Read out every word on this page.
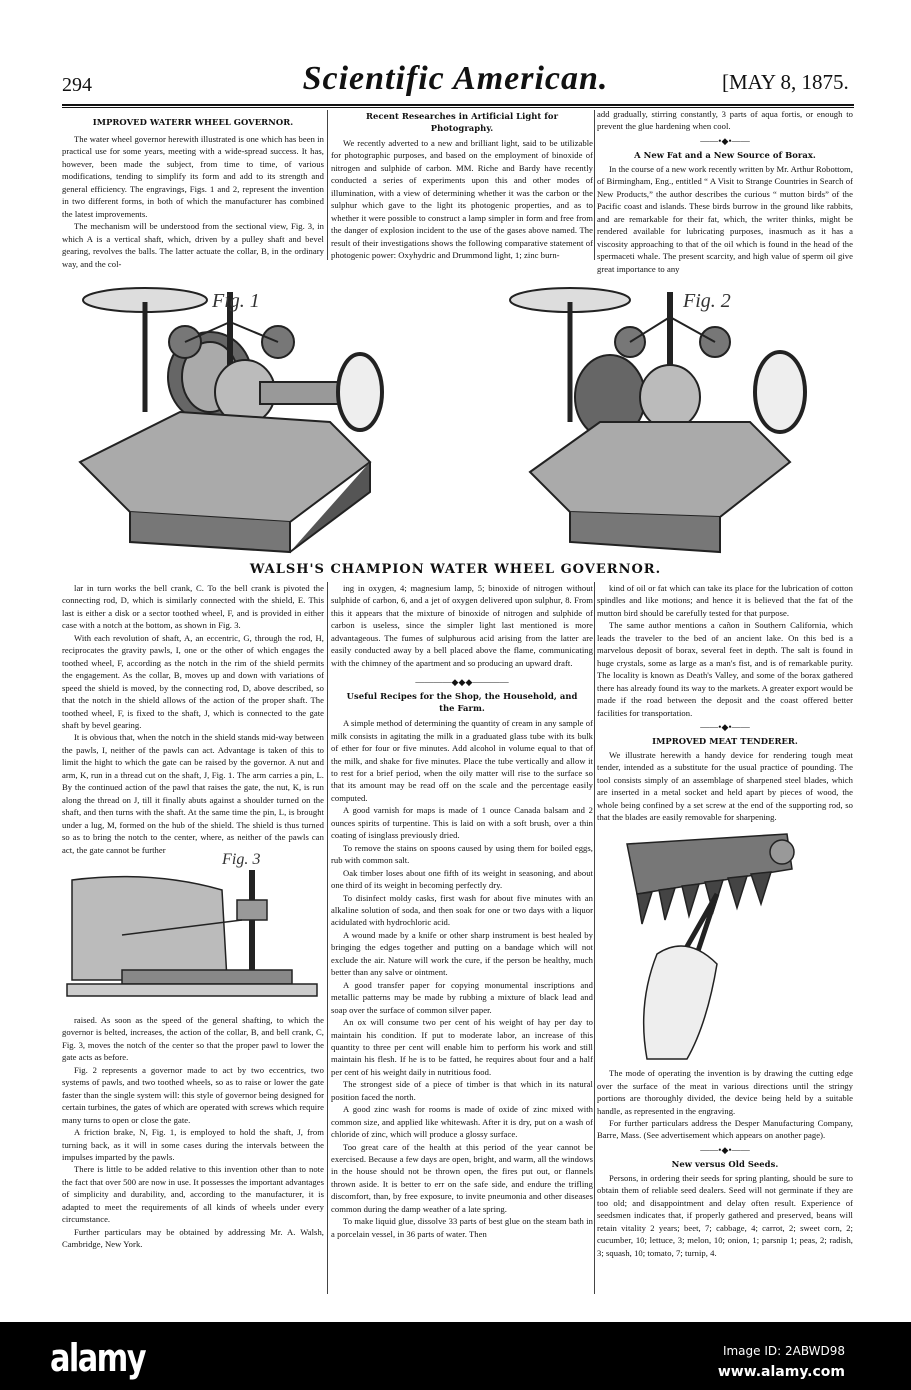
294	Scientific American.	[MAY 8, 1875.
IMPROVED WATERR WHEEL GOVERNOR.

The water wheel governor herewith illustrated is one which has been in practical use for some years, meeting with a wide-spread success. It has, however, been made the subject, from time to time, of various modifications, tending to simplify its form and add to its strength and general efficiency. The engravings, Figs. 1 and 2, represent the invention in two different forms, in both of which the manufacturer has combined the latest improvements.

The mechanism will be understood from the sectional view, Fig. 3, in which A is a vertical shaft, which, driven by a pulley shaft and bevel gearing, revolves the balls. The latter actuate the collar, B, in the ordinary way, and the col-

Recent Researches in Artificial Light for Photography.

We recently adverted to a new and brilliant light, said to be utilizable for photographic purposes, and based on the employment of binoxide of nitrogen and sulphide of carbon. MM. Riche and Bardy have recently conducted a series of experiments upon this and other modes of illumination, with a view of determining whether it was the carbon or the sulphur which gave to the light its photogenic properties, and as to whether it were possible to construct a lamp simpler in form and free from the danger of explosion incident to the use of the gases above named. The result of their investigations shows the following comparative statement of photogenic power: Oxyhydric and Drummond light, 1; zinc burn-

add gradually, stirring constantly, 3 parts of aqua fortis, or enough to prevent the glue hardening when cool.
——•◆•——
A New Fat and a New Source of Borax.

In the course of a new work recently written by Mr. Arthur Robottom, of Birmingham, Eng., entitled “ A Visit to Strange Countries in Search of New Products,” the author describes the curious “ mutton birds” of the Pacific coast and islands. These birds burrow in the ground like rabbits, and are remarkable for their fat, which, the writer thinks, might be rendered available for lubricating purposes, inasmuch as it has a viscosity approaching to that of the oil which is found in the head of the spermaceti whale. The present scarcity, and high value of sperm oil give great importance to any

Fig. 1	Fig. 2
WALSH'S CHAMPION WATER WHEEL GOVERNOR.

lar in turn works the bell crank, C. To the bell crank is pivoted the connecting rod, D, which is similarly connected with the shield, E. This last is either a disk or a sector toothed wheel, F, and is provided in either case with a notch at the bottom, as shown in Fig. 3.

With each revolution of shaft, A, an eccentric, G, through the rod, H, reciprocates the gravity pawls, I, one or the other of which engages the toothed wheel, F, according as the notch in the rim of the shield permits the engagement. As the collar, B, moves up and down with variations of speed the shield is moved, by the connecting rod, D, above described, so that the notch in the shield allows of the action of the proper shaft. The toothed wheel, F, is fixed to the shaft, J, which is connected to the gate shaft by bevel gearing.

It is obvious that, when the notch in the shield stands mid-way between the pawls, I, neither of the pawls can act. Advantage is taken of this to limit the hight to which the gate can be raised by the governor. A nut and arm, K, run in a thread cut on the shaft, J, Fig. 1. The arm carries a pin, L. By the continued action of the pawl that raises the gate, the nut, K, is run along the thread on J, till it finally abuts against a shoulder turned on the shaft, and then turns with the shaft. At the same time the pin, L, is brought under a lug, M, formed on the hub of the shield. The shield is thus turned so as to bring the notch to the center, where, as neither of the pawls can act, the gate cannot be further

Fig. 3

raised. As soon as the speed of the general shafting, to which the governor is belted, increases, the action of the collar, B, and bell crank, C, Fig. 3, moves the notch of the center so that the proper pawl to lower the gate acts as before.

Fig. 2 represents a governor made to act by two eccentrics, two systems of pawls, and two toothed wheels, so as to raise or lower the gate faster than the single system will: this style of governor being designed for certain turbines, the gates of which are operated with screws which require many turns to open or close the gate.

A friction brake, N, Fig. 1, is employed to hold the shaft, J, from turning back, as it will in some cases during the intervals between the impulses imparted by the pawls.

There is little to be added relative to this invention other than to note the fact that over 500 are now in use. It possesses the important advantages of simplicity and durability, and, according to the manufacturer, it is adapted to meet the requirements of all kinds of wheels under every circumstance.

Further particulars may be obtained by addressing Mr. A. Walsh, Cambridge, New York.

ing in oxygen, 4; magnesium lamp, 5; binoxide of nitrogen without sulphide of carbon, 6, and a jet of oxygen delivered upon sulphur, 8. From this it appears that the mixture of binoxide of nitrogen and sulphide of carbon is useless, since the simpler light last mentioned is more advantageous. The fumes of sulphurous acid arising from the latter are easily conducted away by a bell placed above the flame, communicating with the chimney of the apartment and so producing an upward draft.

————◆◆◆————
Useful Recipes for the Shop, the Household, and the Farm.

A simple method of determining the quantity of cream in any sample of milk consists in agitating the milk in a graduated glass tube with its bulk of ether for four or five minutes. Add alcohol in volume equal to that of the milk, and shake for five minutes. Place the tube vertically and allow it to rest for a brief period, when the oily matter will rise to the surface so that its amount may be read off on the scale and the percentage easily computed.

A good varnish for maps is made of 1 ounce Canada balsam and 2 ounces spirits of turpentine. This is laid on with a soft brush, over a thin coating of isinglass previously dried.

To remove the stains on spoons caused by using them for boiled eggs, rub with common salt.

Oak timber loses about one fifth of its weight in seasoning, and about one third of its weight in becoming perfectly dry.

To disinfect moldy casks, first wash for about five minutes with an alkaline solution of soda, and then soak for one or two days with a liquor acidulated with hydrochloric acid.

A wound made by a knife or other sharp instrument is best healed by bringing the edges together and putting on a bandage which will not exclude the air. Nature will work the cure, if the person be healthy, much better than any salve or ointment.

A good transfer paper for copying monumental inscriptions and metallic patterns may be made by rubbing a mixture of black lead and soap over the surface of common silver paper.

An ox will consume two per cent of his weight of hay per day to maintain his condition. If put to moderate labor, an increase of this quantity to three per cent will enable him to perform his work and still maintain his flesh. If he is to be fatted, he requires about four and a half per cent of his weight daily in nutritious food.

The strongest side of a piece of timber is that which in its natural position faced the north.

A good zinc wash for rooms is made of oxide of zinc mixed with common size, and applied like whitewash. After it is dry, put on a wash of chloride of zinc, which will produce a glossy surface.

Too great care of the health at this period of the year cannot be exercised. Because a few days are open, bright, and warm, all the windows in the house should not be thrown open, the fires put out, or flannels thrown aside. It is better to err on the safe side, and endure the trifling discomfort, than, by free exposure, to invite pneumonia and other diseases common during the damp weather of a late spring.

To make liquid glue, dissolve 33 parts of best glue on the steam bath in a porcelain vessel, in 36 parts of water. Then

kind of oil or fat which can take its place for the lubrication of cotton spindles and like motions; and hence it is believed that the fat of the mutton bird should be carefully tested for that purpose.

The same author mentions a cañon in Southern California, which leads the traveler to the bed of an ancient lake. On this bed is a marvelous deposit of borax, several feet in depth. The salt is found in huge crystals, some as large as a man's fist, and is of remarkable purity. The locality is known as Death's Valley, and some of the borax gathered there has already found its way to the markets. A greater export would be made if the road between the deposit and the coast offered better facilities for transportation.

——•◆•——
IMPROVED MEAT TENDERER.

We illustrate herewith a handy device for rendering tough meat tender, intended as a substitute for the usual practice of pounding. The tool consists simply of an assemblage of sharpened steel blades, which are inserted in a metal socket and held apart by pieces of wood, the whole being confined by a set screw at the end of the supporting rod, so that the blades are easily removable for sharpening.

The mode of operating the invention is by drawing the cutting edge over the surface of the meat in various directions until the stringy portions are thoroughly divided, the device being held by a suitable handle, as represented in the engraving.

For further particulars address the Desper Manufacturing Company, Barre, Mass. (See advertisement which appears on another page).

——•◆•——
New versus Old Seeds.

Persons, in ordering their seeds for spring planting, should be sure to obtain them of reliable seed dealers. Seed will not germinate if they are too old; and disappointment and delay often result. Experience of seedsmen indicates that, if properly gathered and preserved, beans will retain vitality 2 years; beet, 7; cabbage, 4; carrot, 2; sweet corn, 2; cucumber, 10; lettuce, 3; melon, 10; onion, 1; parsnip 1; peas, 2; radish, 3; squash, 10; tomato, 7; turnip, 4.

alamy	Image ID: 2ABWD98
www.alamy.com
